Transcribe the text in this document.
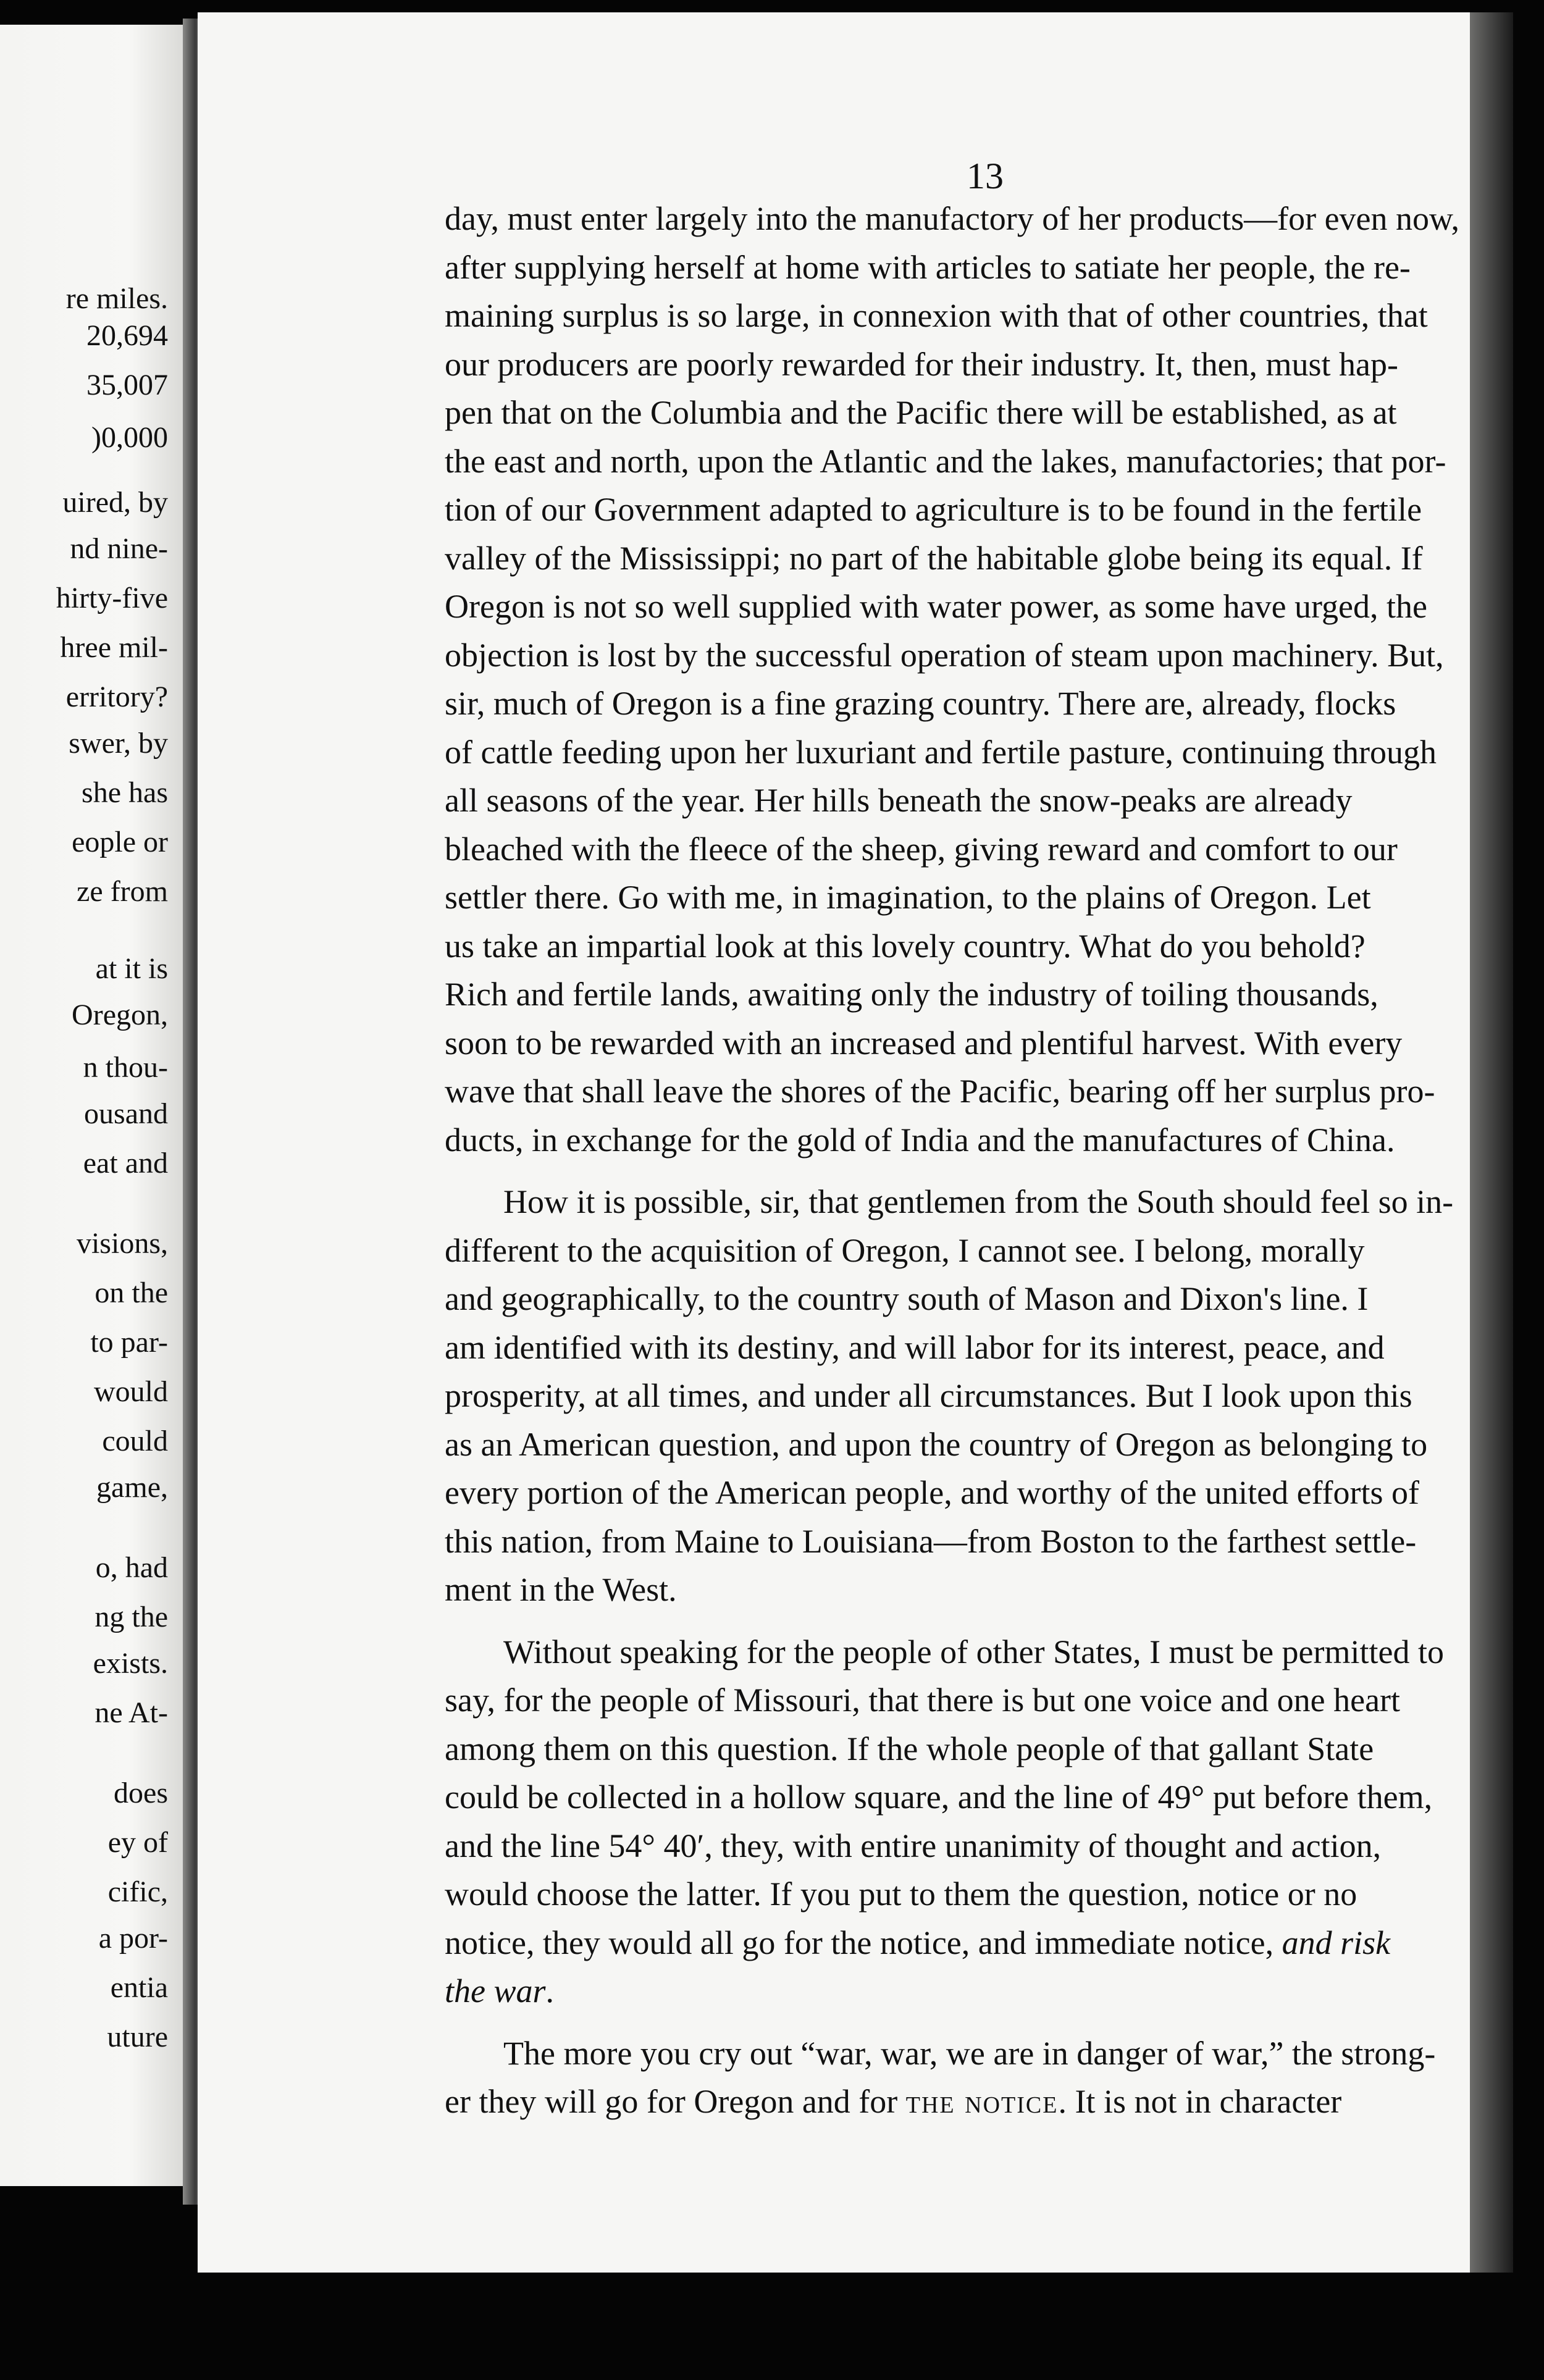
re miles.
20,694
35,007
)0,000
uired, by
nd nine-
hirty-five
hree mil-
erritory?
swer, by
she has
eople or
ze from
at it is
Oregon,
n thou-
ousand
eat and
visions,
on the
to par-
would
could
game,
o, had
ng the
exists.
ne At-
does
ey of
cific,
a por-
entia
uture
13
day, must enter largely into the manufactory of her products—for even now,
after supplying herself at home with articles to satiate her people, the re-
maining surplus is so large, in connexion with that of other countries, that
our producers are poorly rewarded for their industry. It, then, must hap-
pen that on the Columbia and the Pacific there will be established, as at
the east and north, upon the Atlantic and the lakes, manufactories; that por-
tion of our Government adapted to agriculture is to be found in the fertile
valley of the Mississippi; no part of the habitable globe being its equal. If
Oregon is not so well supplied with water power, as some have urged, the
objection is lost by the successful operation of steam upon machinery. But,
sir, much of Oregon is a fine grazing country. There are, already, flocks
of cattle feeding upon her luxuriant and fertile pasture, continuing through
all seasons of the year. Her hills beneath the snow-peaks are already
bleached with the fleece of the sheep, giving reward and comfort to our
settler there. Go with me, in imagination, to the plains of Oregon. Let
us take an impartial look at this lovely country. What do you behold?
Rich and fertile lands, awaiting only the industry of toiling thousands,
soon to be rewarded with an increased and plentiful harvest. With every
wave that shall leave the shores of the Pacific, bearing off her surplus pro-
ducts, in exchange for the gold of India and the manufactures of China.
How it is possible, sir, that gentlemen from the South should feel so in-
different to the acquisition of Oregon, I cannot see. I belong, morally
and geographically, to the country south of Mason and Dixon's line. I
am identified with its destiny, and will labor for its interest, peace, and
prosperity, at all times, and under all circumstances. But I look upon this
as an American question, and upon the country of Oregon as belonging to
every portion of the American people, and worthy of the united efforts of
this nation, from Maine to Louisiana—from Boston to the farthest settle-
ment in the West.
Without speaking for the people of other States, I must be permitted to
say, for the people of Missouri, that there is but one voice and one heart
among them on this question. If the whole people of that gallant State
could be collected in a hollow square, and the line of 49° put before them,
and the line 54° 40′, they, with entire unanimity of thought and action,
would choose the latter. If you put to them the question, notice or no
notice, they would all go for the notice, and immediate notice, and risk
the war.
The more you cry out “war, war, we are in danger of war,” the strong-
er they will go for Oregon and for the notice. It is not in character
